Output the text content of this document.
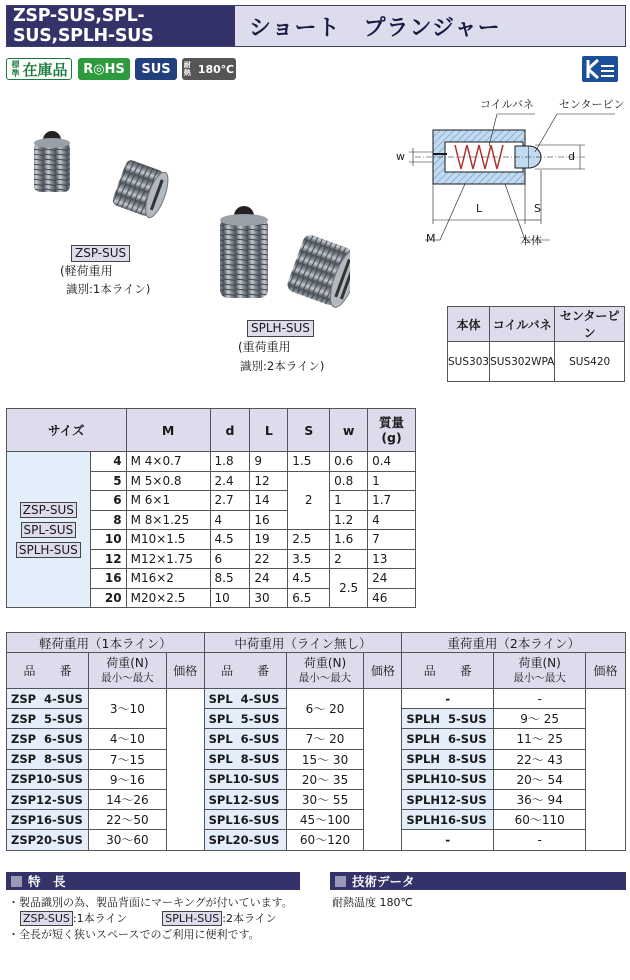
ZSP-SUS,SPL-SUS,SPLH-SUS	ショート　プランジャー
標準 在庫品	R◎HS	SUS	耐熱 180℃
ZSP-SUS
(軽荷重用
識別:1本ライン)
SPLH-SUS
(重荷重用
識別:2本ライン)
コイルバネ センターピン
w	d
L	S
M	本体
本体	コイルバネ	センターピン
SUS303	SUS302WPA	SUS420
サイズ		M	d	L	S	w	質量
(g)
ZSP-SUS
SPL-SUS
SPLH-SUS	4	M 4×0.7	1.8	9	1.5	0.6	0.4
	5	M 5×0.8	2.4	12	2	0.8	1
	6	M 6×1	2.7	14		1	1.7
	8	M 8×1.25	4	16		1.2	4
	10	M10×1.5	4.5	19	2.5	1.6	7
	12	M12×1.75	6	22	3.5	2	13
	16	M16×2	8.5	24	4.5	2.5	24
	20	M20×2.5	10	30	6.5		46
軽荷重用（1本ライン）			中荷重用（ライン無し）			重荷重用（2本ライン）		
品　　番	荷重(N)
最小〜最大	価格	品　　番	荷重(N)
最小〜最大	価格	品　　番	荷重(N)
最小〜最大	価格
ZSP  4-SUS	3〜10		SPL  4-SUS	6〜 20		-	-	
ZSP  5-SUS			SPL  5-SUS			SPLH  5-SUS	9〜 25	
ZSP  6-SUS	4〜10		SPL  6-SUS	7〜 20		SPLH  6-SUS	11〜 25	
ZSP  8-SUS	7〜15		SPL  8-SUS	15〜 30		SPLH  8-SUS	22〜 43	
ZSP10-SUS	9〜16		SPL10-SUS	20〜 35		SPLH10-SUS	20〜 54	
ZSP12-SUS	14〜26		SPL12-SUS	30〜 55		SPLH12-SUS	36〜 94	
ZSP16-SUS	22〜50		SPL16-SUS	45〜100		SPLH16-SUS	60〜110	
ZSP20-SUS	30〜60		SPL20-SUS	60〜120		-	-	
特　長
・製品識別の為、製品背面にマーキングが付いています。
ZSP-SUS :1本ライン	SPLH-SUS :2本ライン
・全長が短く狭いスペースでのご利用に便利です。
技術データ
耐熱温度 180℃
